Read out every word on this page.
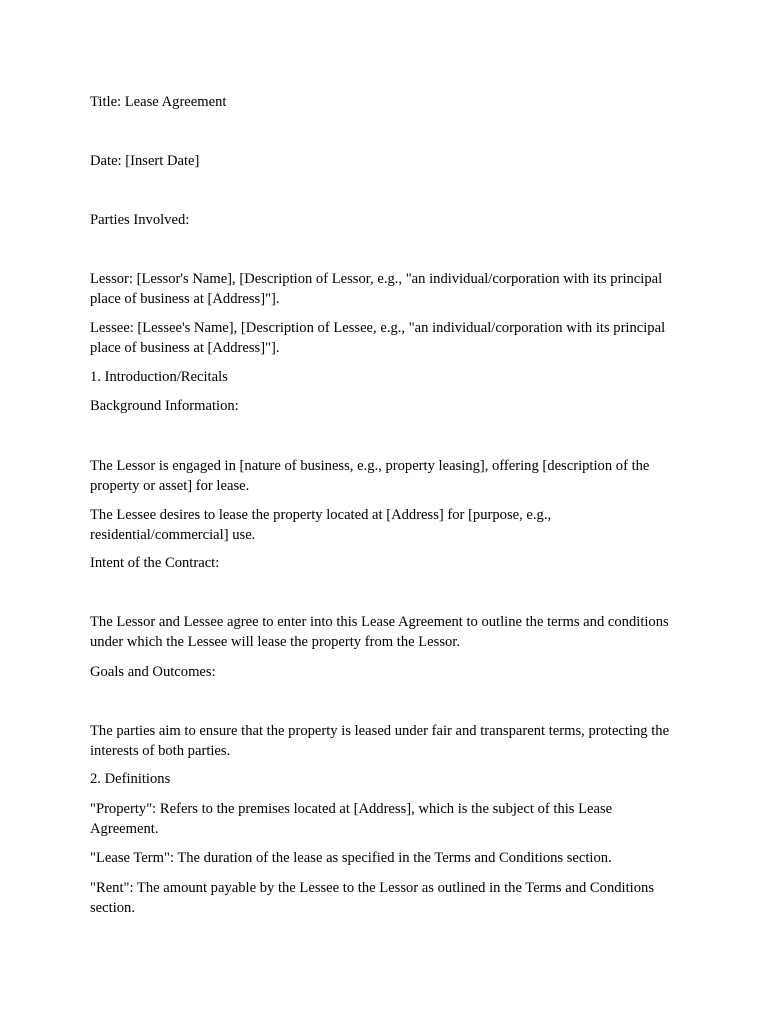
Title: Lease Agreement

Date: [Insert Date]

Parties Involved:

Lessor: [Lessor's Name], [Description of Lessor, e.g., "an individual/corporation with its principal place of business at [Address]"].

Lessee: [Lessee's Name], [Description of Lessee, e.g., "an individual/corporation with its principal place of business at [Address]"].

1. Introduction/Recitals

Background Information:

The Lessor is engaged in [nature of business, e.g., property leasing], offering [description of the property or asset] for lease.

The Lessee desires to lease the property located at [Address] for [purpose, e.g., residential/commercial] use.

Intent of the Contract:

The Lessor and Lessee agree to enter into this Lease Agreement to outline the terms and conditions under which the Lessee will lease the property from the Lessor.

Goals and Outcomes:

The parties aim to ensure that the property is leased under fair and transparent terms, protecting the interests of both parties.

2. Definitions

"Property": Refers to the premises located at [Address], which is the subject of this Lease Agreement.

"Lease Term": The duration of the lease as specified in the Terms and Conditions section.

"Rent": The amount payable by the Lessee to the Lessor as outlined in the Terms and Conditions section.
